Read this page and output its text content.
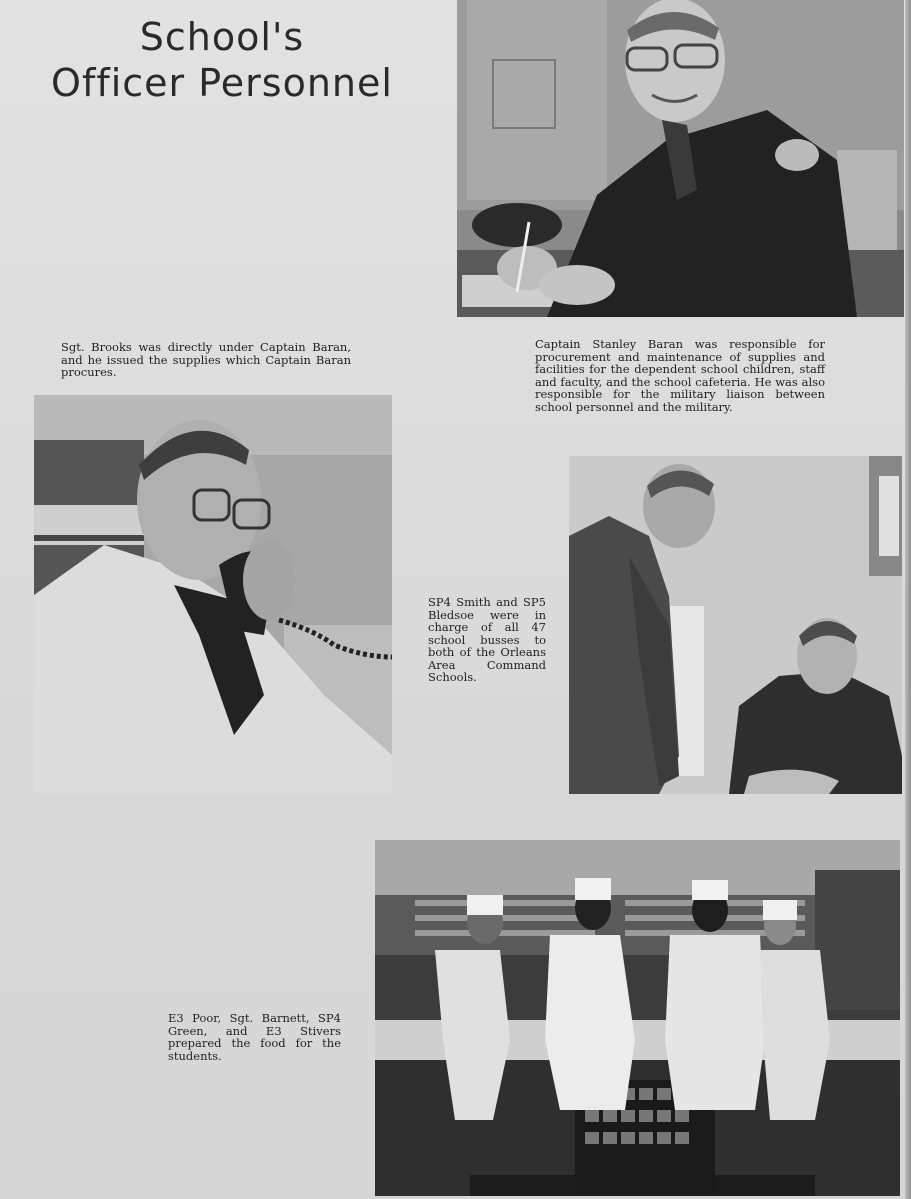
School's
Officer Personnel
Sgt. Brooks was directly under Captain Baran, and he issued the supplies which Captain Baran procures.
Captain Stanley Baran was responsible for procurement and maintenance of supplies and facilities for the dependent school children, staff and faculty, and the school cafeteria. He was also responsible for the military liaison between school personnel and the military.
SP4 Smith and SP5 Bledsoe were in charge of all 47 school busses to both of the Orleans Area Command Schools.
E3 Poor, Sgt. Barnett, SP4 Green, and E3 Stivers prepared the food for the students.
